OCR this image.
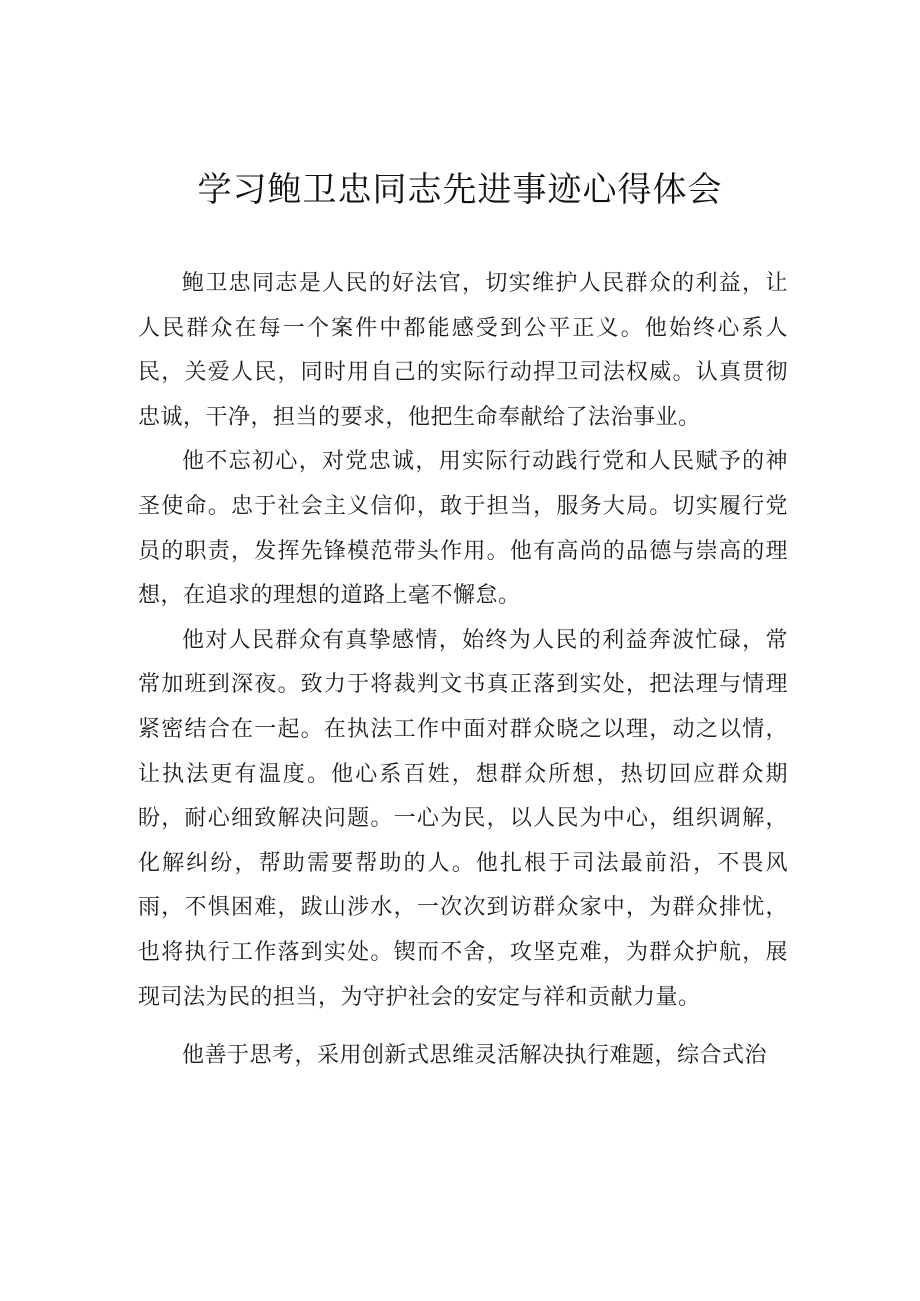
学习鲍卫忠同志先进事迹心得体会

鲍卫忠同志是人民的好法官，切实维护人民群众的利益，让人民群众在每一个案件中都能感受到公平正义。他始终心系人民，关爱人民，同时用自己的实际行动捍卫司法权威。认真贯彻忠诚，干净，担当的要求，他把生命奉献给了法治事业。

他不忘初心，对党忠诚，用实际行动践行党和人民赋予的神圣使命。忠于社会主义信仰，敢于担当，服务大局。切实履行党员的职责，发挥先锋模范带头作用。他有高尚的品德与崇高的理想，在追求的理想的道路上毫不懈怠。

他对人民群众有真挚感情，始终为人民的利益奔波忙碌，常常加班到深夜。致力于将裁判文书真正落到实处，把法理与情理紧密结合在一起。在执法工作中面对群众晓之以理，动之以情，让执法更有温度。他心系百姓，想群众所想，热切回应群众期盼，耐心细致解决问题。一心为民，以人民为中心，组织调解，化解纠纷，帮助需要帮助的人。他扎根于司法最前沿，不畏风雨，不惧困难，跋山涉水，一次次到访群众家中，为群众排忧，也将执行工作落到实处。锲而不舍，攻坚克难，为群众护航，展现司法为民的担当，为守护社会的安定与祥和贡献力量。

他善于思考，采用创新式思维灵活解决执行难题，综合式治
